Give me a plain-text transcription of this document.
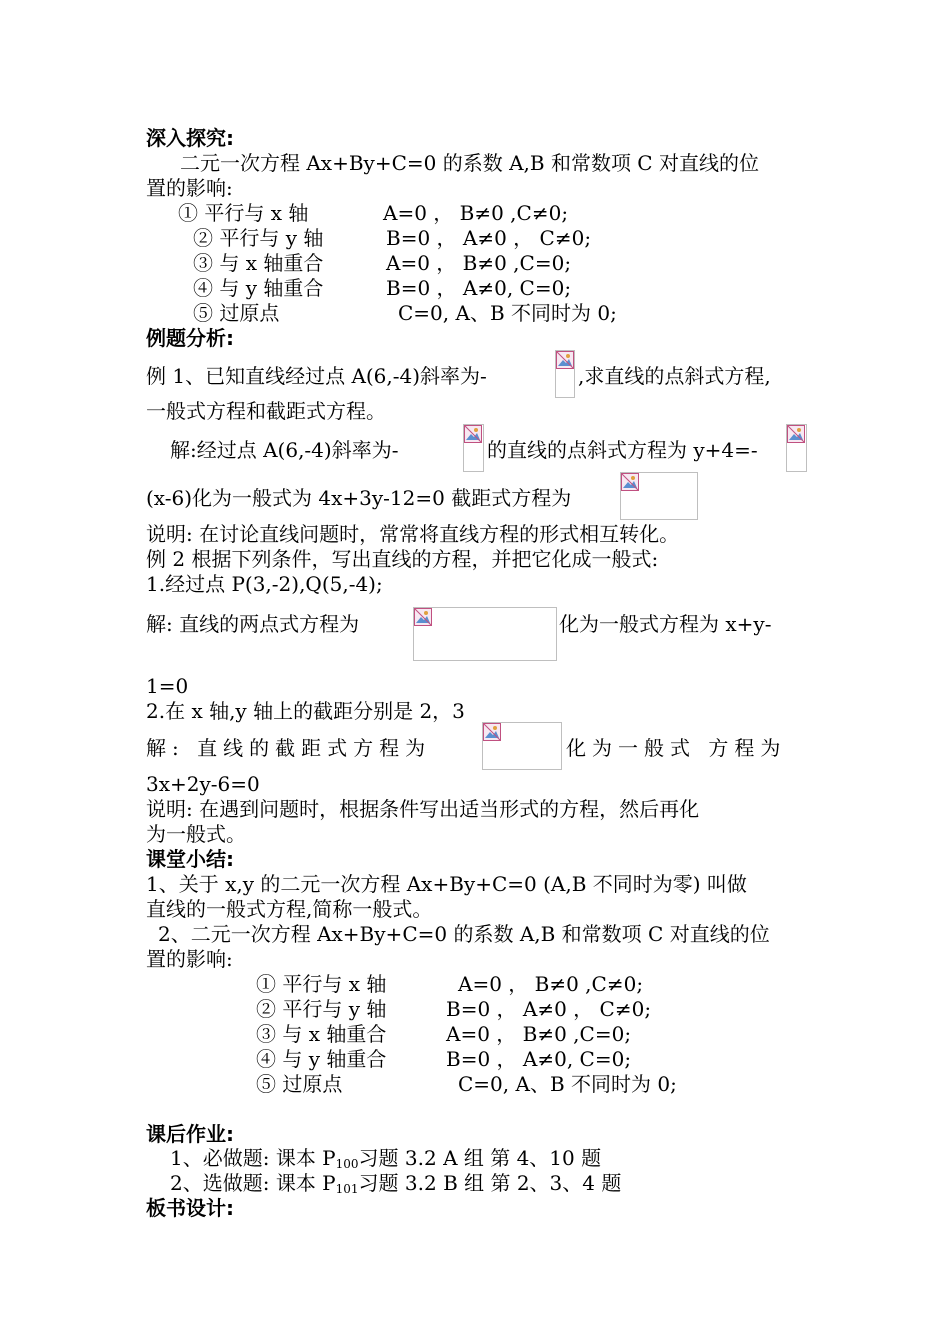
深入探究:
二元一次方程 Ax+By+C=0 的系数 A,B 和常数项 C 对直线的位
置的影响:
① 平行与 x 轴	A=0 ， B≠0 ,C≠0;
② 平行与 y 轴	B=0 ， A≠0 ， C≠0;
③ 与 x 轴重合	A=0 ， B≠0 ,C=0;
④ 与 y 轴重合	B=0 ， A≠0, C=0;
⑤ 过原点	C=0, A、B 不同时为 0;
例题分析:
例 1、已知直线经过点 A(6,-4)斜率为-	,求直线的点斜式方程,
一般式方程和截距式方程。
解:经过点 A(6,-4)斜率为-	的直线的点斜式方程为 y+4=-
(x-6)化为一般式为 4x+3y-12=0 截距式方程为
说明: 在讨论直线问题时，常常将直线方程的形式相互转化。
例 2 根据下列条件，写出直线的方程，并把它化成一般式:
1.经过点 P(3,-2),Q(5,-4);
解: 直线的两点式方程为	化为一般式方程为 x+y-
1=0
2.在 x 轴,y 轴上的截距分别是 2，3
解: 直线的截距式方程为	化为一般式 方程为
3x+2y-6=0
说明: 在遇到问题时，根据条件写出适当形式的方程，然后再化
为一般式。
课堂小结:
1、关于 x,y 的二元一次方程 Ax+By+C=0 (A,B 不同时为零) 叫做
直线的一般式方程,简称一般式。
2、二元一次方程 Ax+By+C=0 的系数 A,B 和常数项 C 对直线的位
置的影响:
① 平行与 x 轴	A=0 ， B≠0 ,C≠0;
② 平行与 y 轴	B=0 ， A≠0 ， C≠0;
③ 与 x 轴重合	A=0 ， B≠0 ,C=0;
④ 与 y 轴重合	B=0 ， A≠0, C=0;
⑤ 过原点	C=0, A、B 不同时为 0;
课后作业:
1、必做题: 课本 $P_{100}$习题 3.2 A 组 第 4、10 题
2、选做题: 课本 $P_{101}$习题 3.2 B 组 第 2、3、4 题
板书设计:
